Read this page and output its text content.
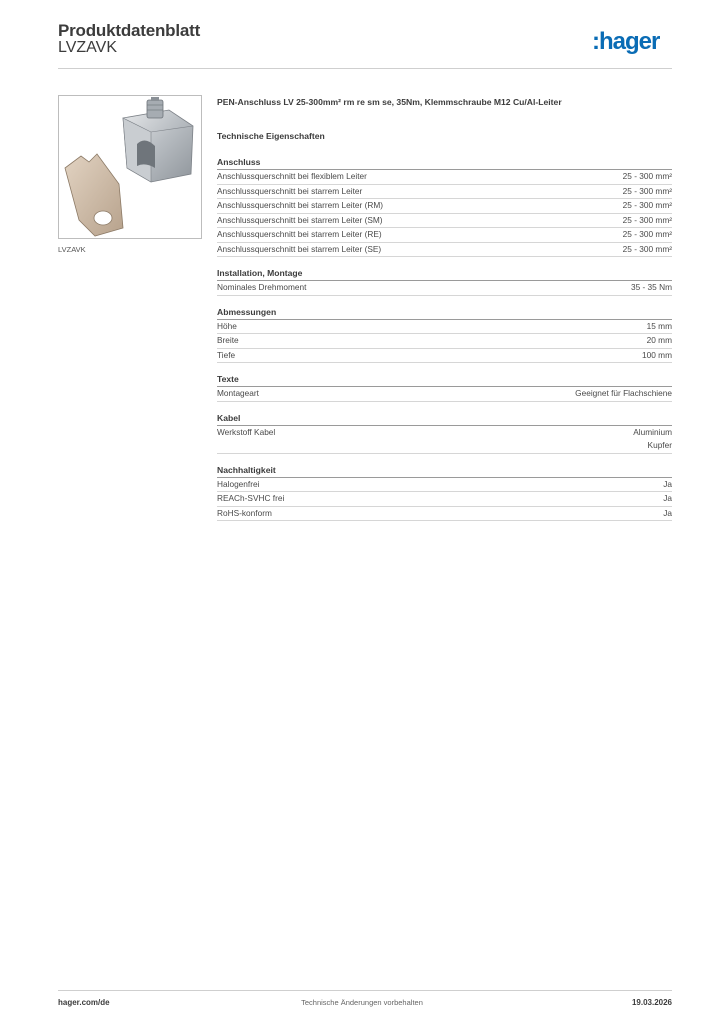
Produktdatenblatt
LVZAVK	:hager
LVZAVK
PEN-Anschluss LV 25-300mm² rm re sm se, 35Nm, Klemmschraube M12 Cu/Al-Leiter
Technische Eigenschaften
Anschluss
Anschlussquerschnitt bei flexiblem Leiter	25 - 300 mm²
Anschlussquerschnitt bei starrem Leiter	25 - 300 mm²
Anschlussquerschnitt bei starrem Leiter (RM)	25 - 300 mm²
Anschlussquerschnitt bei starrem Leiter (SM)	25 - 300 mm²
Anschlussquerschnitt bei starrem Leiter (RE)	25 - 300 mm²
Anschlussquerschnitt bei starrem Leiter (SE)	25 - 300 mm²
Installation, Montage
Nominales Drehmoment	35 - 35 Nm
Abmessungen
Höhe	15 mm
Breite	20 mm
Tiefe	100 mm
Texte
Montageart	Geeignet für Flachschiene
Kabel
Werkstoff Kabel	Aluminium
Kupfer
Nachhaltigkeit
Halogenfrei	Ja
REACh-SVHC frei	Ja
RoHS-konform	Ja
hager.com/de	Technische Änderungen vorbehalten	19.03.2026
